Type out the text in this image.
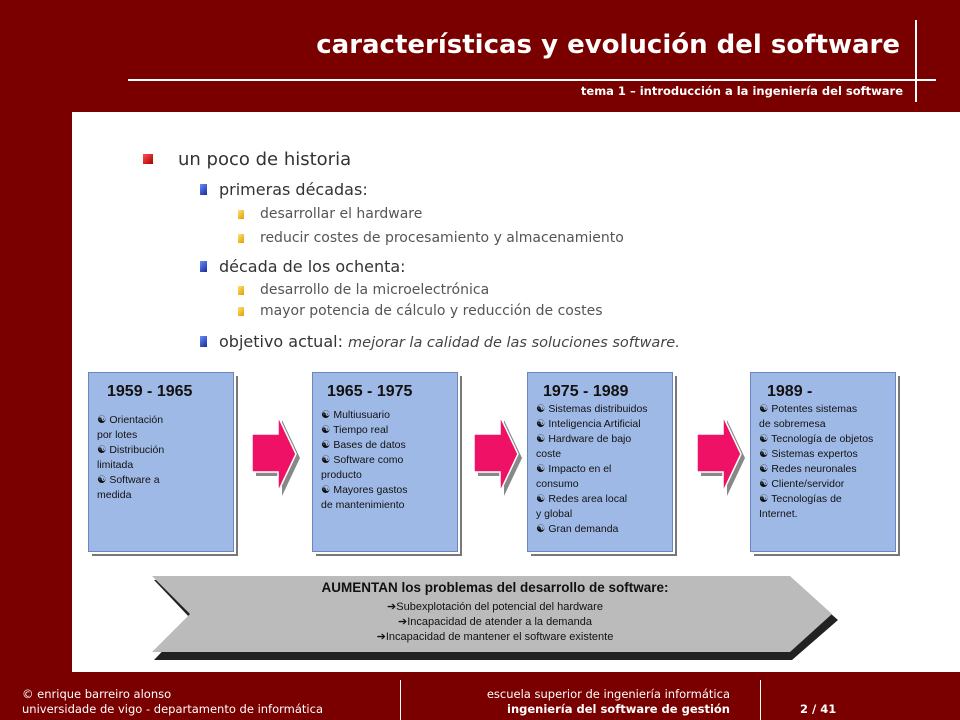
características y evolución del software
tema 1 – introducción a la ingeniería del software
un poco de historia
primeras décadas:
desarrollar el hardware
reducir costes de procesamiento y almacenamiento
década de los ochenta:
desarrollo de la microelectrónica
mayor potencia de cálculo y reducción de costes
objetivo actual: mejorar la calidad de las soluciones software.
1959 - 1965
☯ Orientación
por lotes
☯ Distribución
limitada
☯ Software a
medida
1965 - 1975
☯ Multiusuario
☯ Tiempo real
☯ Bases de datos
☯ Software como
producto
☯ Mayores gastos
de mantenimiento
1975 - 1989
☯ Sistemas distribuidos
☯ Inteligencia Artificial
☯ Hardware de bajo
coste
☯ Impacto en el
consumo
☯ Redes area local
y global
☯ Gran demanda
1989 -
☯ Potentes sistemas
de sobremesa
☯ Tecnología de objetos
☯ Sistemas expertos
☯ Redes neuronales
☯ Cliente/servidor
☯ Tecnologías de
Internet.
AUMENTAN los problemas del desarrollo de software:
➔Subexplotación del potencial del hardware
➔Incapacidad de atender a la demanda
➔Incapacidad de mantener el software existente
© enrique barreiro alonso
universidade de vigo - departamento de informática
escuela superior de ingeniería informática
ingeniería del software de gestión	2 / 41
